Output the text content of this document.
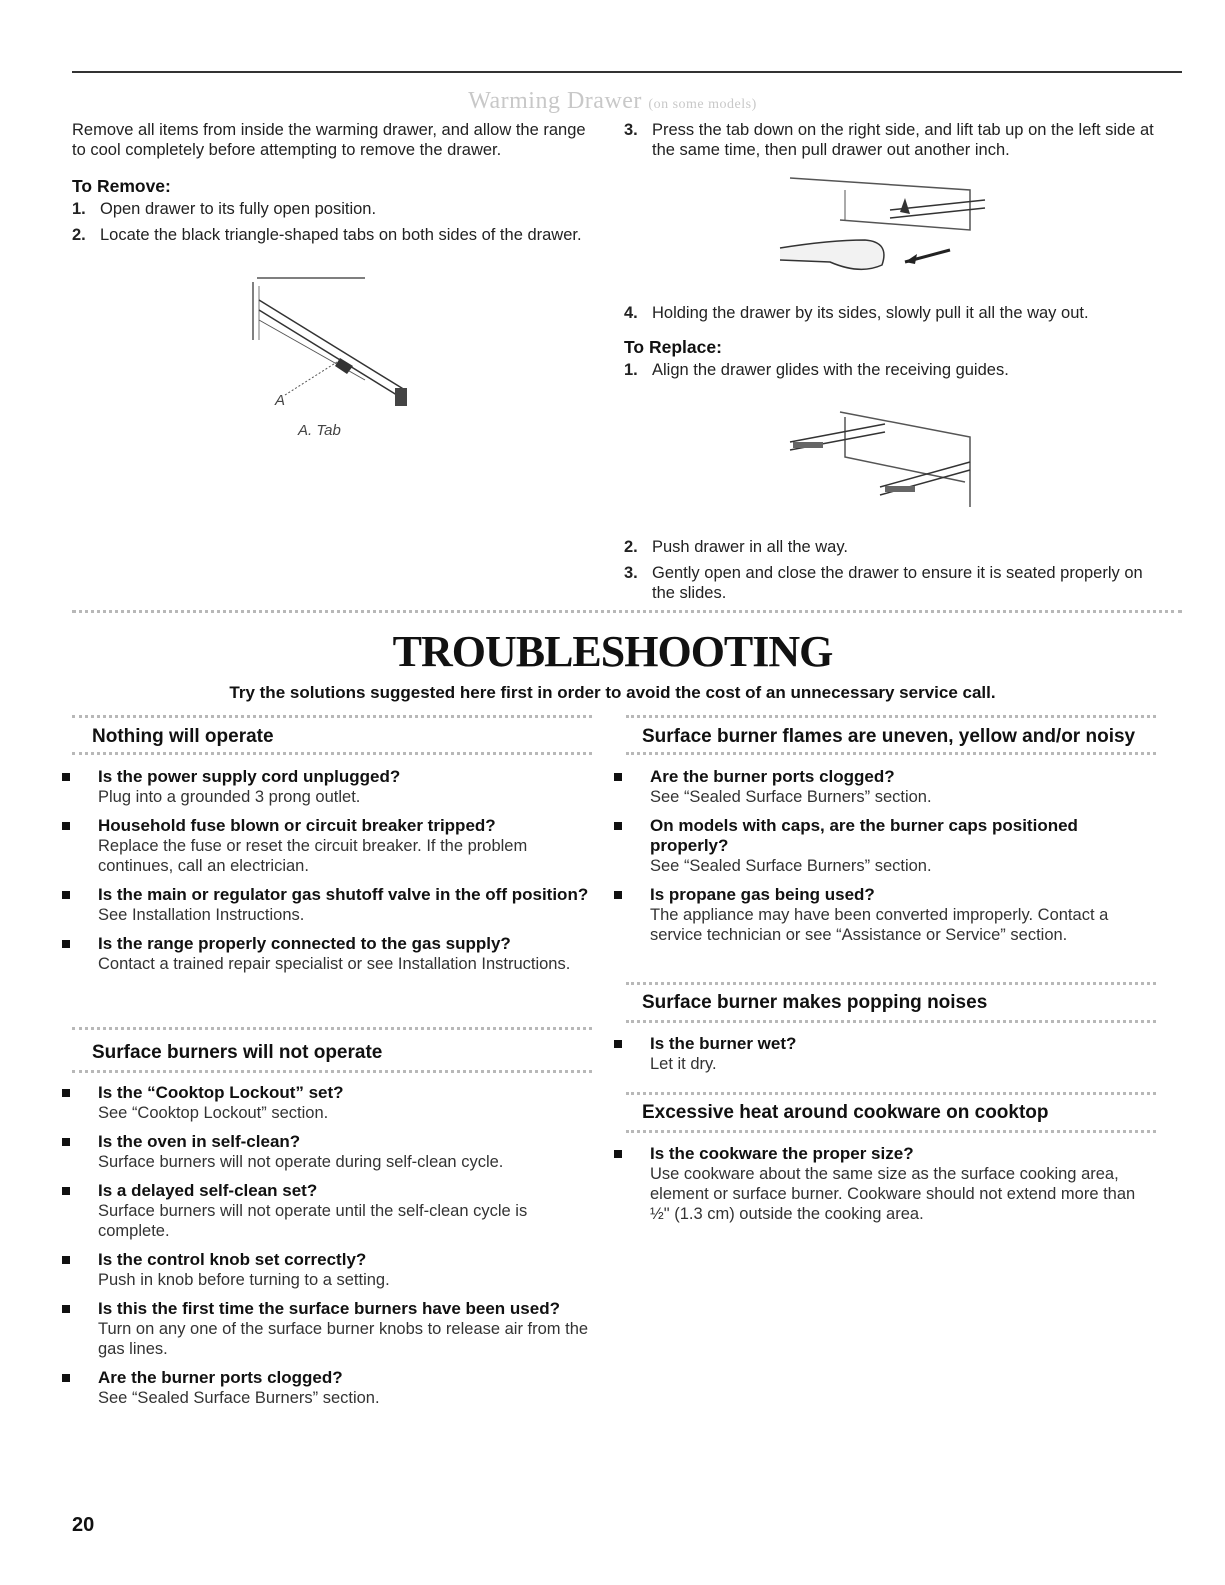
Warming Drawer (on some models)

Remove all items from inside the warming drawer, and allow the range to cool completely before attempting to remove the drawer.

To Remove:

1. Open drawer to its fully open position.
2. Locate the black triangle-shaped tabs on both sides of the drawer.
A
A. Tab
3. Press the tab down on the right side, and lift tab up on the left side at the same time, then pull drawer out another inch.
4. Holding the drawer by its sides, slowly pull it all the way out.

To Replace:

1. Align the drawer glides with the receiving guides.
2. Push drawer in all the way.
3. Gently open and close the drawer to ensure it is seated properly on the slides.
TROUBLESHOOTING
Try the solutions suggested here first in order to avoid the cost of an unnecessary service call.
Nothing will operate
Is the power supply cord unplugged?
Plug into a grounded 3 prong outlet.
Household fuse blown or circuit breaker tripped?
Replace the fuse or reset the circuit breaker. If the problem continues, call an electrician.
Is the main or regulator gas shutoff valve in the off position?
See Installation Instructions.
Is the range properly connected to the gas supply?
Contact a trained repair specialist or see Installation Instructions.
Surface burners will not operate
Is the “Cooktop Lockout” set?
See “Cooktop Lockout” section.
Is the oven in self-clean?
Surface burners will not operate during self-clean cycle.
Is a delayed self-clean set?
Surface burners will not operate until the self-clean cycle is complete.
Is the control knob set correctly?
Push in knob before turning to a setting.
Is this the first time the surface burners have been used?
Turn on any one of the surface burner knobs to release air from the gas lines.
Are the burner ports clogged?
See “Sealed Surface Burners” section.
Surface burner flames are uneven, yellow and/or noisy
Are the burner ports clogged?
See “Sealed Surface Burners” section.
On models with caps, are the burner caps positioned properly?
See “Sealed Surface Burners” section.
Is propane gas being used?
The appliance may have been converted improperly. Contact a service technician or see “Assistance or Service” section.
Surface burner makes popping noises
Is the burner wet?
Let it dry.
Excessive heat around cookware on cooktop
Is the cookware the proper size?
Use cookware about the same size as the surface cooking area, element or surface burner. Cookware should not extend more than ½" (1.3 cm) outside the cooking area.
20
